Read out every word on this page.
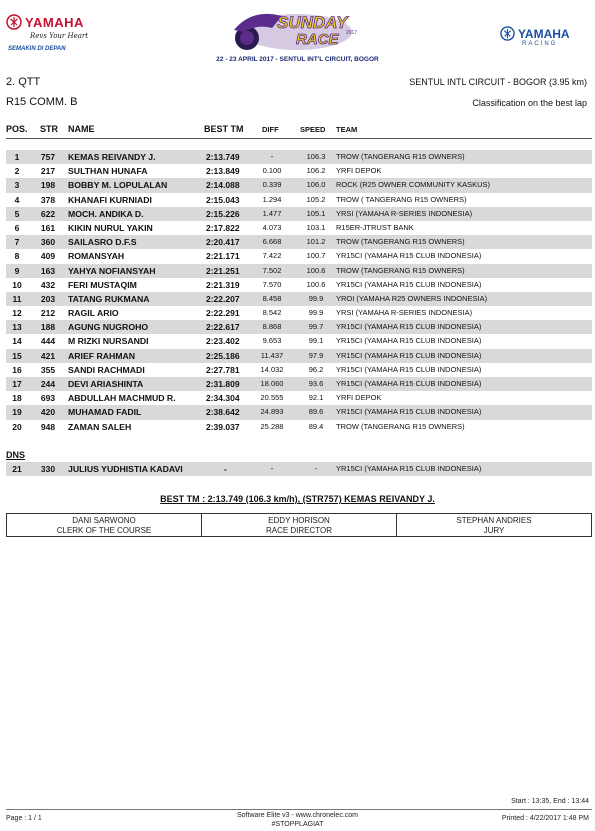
YAMAHA
Revs Your Heart
SEMAKIN DI DEPAN
SUNDAY
RACE 2017
22 - 23 APRIL 2017 - SENTUL INT'L CIRCUIT, BOGOR
YAMAHA
RACING
2. QTT
R15 COMM. B
SENTUL INTL CIRCUIT - BOGOR (3.95 km)
Classification on the best lap
POS. STR NAME	BEST TM DIFF	SPEED TEAM
1	757	KEMAS REIVANDY J.	2:13.749	-	106.3	TROW (TANGERANG R15 OWNERS)
2	217	SULTHAN HUNAFA	2:13.849	0.100	106.2	YRFI DEPOK
3	198	BOBBY M. LOPULALAN	2:14.088	0.339	106.0	ROCK (R25 OWNER COMMUNITY KASKUS)
4	378	KHANAFI KURNIADI	2:15.043	1.294	105.2	TROW ( TANGERANG R15 OWNERS)
5	622	MOCH. ANDIKA D.	2:15.226	1.477	105.1	YRSI (YAMAHA R-SERIES INDONESIA)
6	161	KIKIN NURUL YAKIN	2:17.822	4.073	103.1	R15ER-JTRUST BANK
7	360	SAILASRO D.F.S	2:20.417	6.668	101.2	TROW (TANGERANG R15 OWNERS)
8	409	ROMANSYAH	2:21.171	7.422	100.7	YR15CI (YAMAHA R15 CLUB INDONESIA)
9	163	YAHYA NOFIANSYAH	2:21.251	7.502	100.6	TROW (TANGERANG R15 OWNERS)
10	432	FERI MUSTAQIM	2:21.319	7.570	100.6	YR15CI (YAMAHA R15 CLUB INDONESIA)
11	203	TATANG RUKMANA	2:22.207	8.458	99.9	YROI (YAMAHA R25 OWNERS INDONESIA)
12	212	RAGIL ARIO	2:22.291	8.542	99.9	YRSI (YAMAHA R-SERIES INDONESIA)
13	188	AGUNG NUGROHO	2:22.617	8.868	99.7	YR15CI (YAMAHA R15 CLUB INDONESIA)
14	444	M RIZKI NURSANDI	2:23.402	9.653	99.1	YR15CI (YAMAHA R15 CLUB INDONESIA)
15	421	ARIEF RAHMAN	2:25.186	11.437	97.9	YR15CI (YAMAHA R15 CLUB INDONESIA)
16	355	SANDI RACHMADI	2:27.781	14.032	96.2	YR15CI (YAMAHA R15 CLUB INDONESIA)
17	244	DEVI ARIASHINTA	2:31.809	18.060	93.6	YR15CI (YAMAHA R15 CLUB INDONESIA)
18	693	ABDULLAH MACHMUD R.	2:34.304	20.555	92.1	YRFI DEPOK
19	420	MUHAMAD FADIL	2:38.642	24.893	89.6	YR15CI (YAMAHA R15 CLUB INDONESIA)
20	948	ZAMAN SALEH	2:39.037	25.288	89.4	TROW (TANGERANG R15 OWNERS)
DNS
21	330	JULIUS YUDHISTIA KADAVI	-	-	-	YR15CI (YAMAHA R15 CLUB INDONESIA)
BEST TM : 2:13.749 (106.3 km/h), (STR757) KEMAS REIVANDY J.
DANI SARWONO
CLERK OF THE COURSE
EDDY HORISON
RACE DIRECTOR
STEPHAN ANDRIES
JURY
Start : 13:35, End : 13:44
Page : 1 / 1	Software Elite v3 - www.chronelec.com
#STOPPLAGIAT
Printed : 4/22/2017 1:48 PM
